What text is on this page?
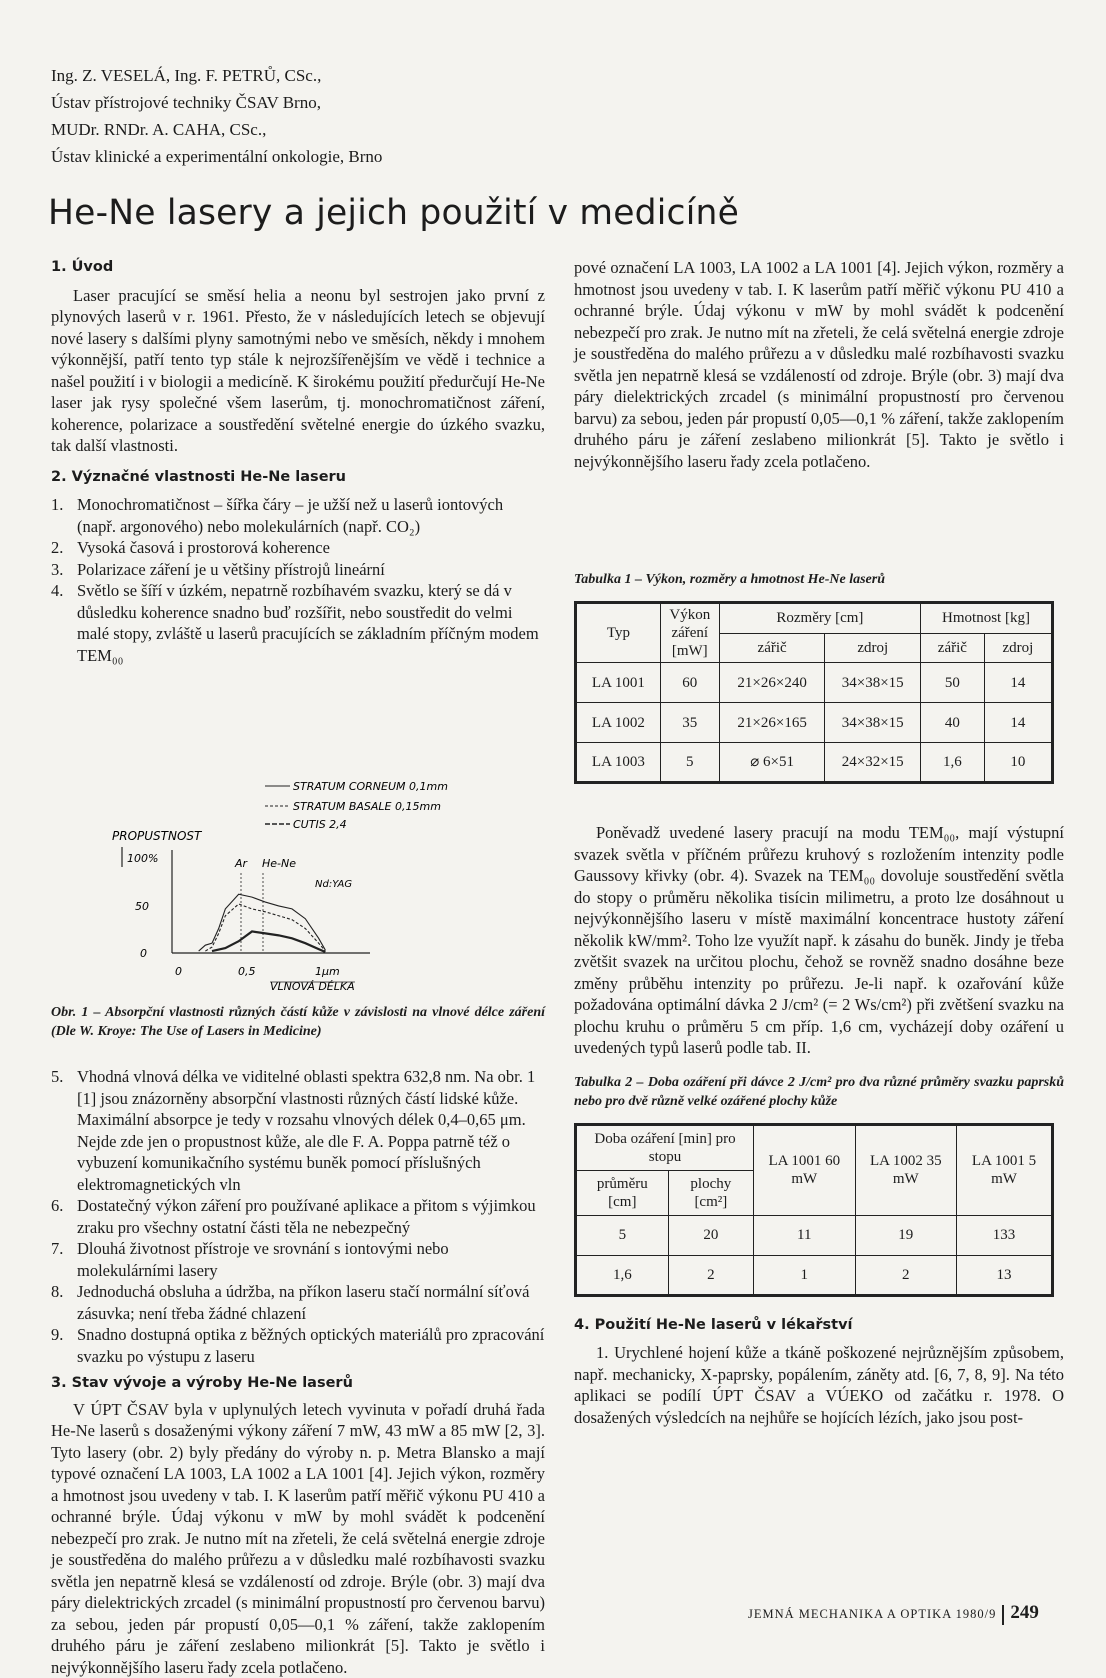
Ing. Z. VESELÁ, Ing. F. PETRŮ, CSc.,
Ústav přístrojové techniky ČSAV Brno,
MUDr. RNDr. A. CAHA, CSc.,
Ústav klinické a experimentální onkologie, Brno
He-Ne lasery a jejich použití v medicíně

1. Úvod

Laser pracující se směsí helia a neonu byl sestrojen jako první z plynových laserů v r. 1961. Přesto, že v následujících letech se objevují nové lasery s dalšími plyny samotnými nebo ve směsích, někdy i mnohem výkonnější, patří tento typ stále k nejrozšířenějším ve vědě i technice a našel použití i v biologii a medicíně. K širokému použití předurčují He-Ne laser jak rysy společné všem laserům, tj. monochromatičnost záření, koherence, polarizace a soustředění světelné energie do úzkého svazku, tak další vlastnosti.

2. Význačné vlastnosti He-Ne laseru

1. Monochromatičnost – šířka čáry – je užší než u laserů iontových (např. argonového) nebo molekulárních (např. CO₂)
2. Vysoká časová i prostorová koherence
3. Polarizace záření je u většiny přístrojů lineární
4. Světlo se šíří v úzkém, nepatrně rozbíhavém svazku, který se dá v důsledku koherence snadno buď rozšířit, nebo soustředit do velmi malé stopy, zvláště u laserů pracujících se základním příčným modem TEM₀₀
STRATUM CORNEUM 0,1mm
STRATUM BASALE 0,15mm
CUTIS 2,4
PROPUSTNOST
100%
50
0
0	0,5	1μm
VLNOVÁ DÉLKA
Ar He-Ne
Nd:YAG
Obr. 1 – Absorpční vlastnosti různých částí kůže v závislosti na vlnové délce záření (Dle W. Kroye: The Use of Lasers in Medicine)
5. Vhodná vlnová délka ve viditelné oblasti spektra 632,8 nm. Na obr. 1 [1] jsou znázorněny absorpční vlastnosti různých částí lidské kůže. Maximální absorpce je tedy v rozsahu vlnových délek 0,4–0,65 μm. Nejde zde jen o propustnost kůže, ale dle F. A. Poppa patrně též o vybuzení komunikačního systému buněk pomocí příslušných elektromagnetických vln
6. Dostatečný výkon záření pro používané aplikace a přitom s výjimkou zraku pro všechny ostatní části těla ne nebezpečný
7. Dlouhá životnost přístroje ve srovnání s iontovými nebo molekulárními lasery
8. Jednoduchá obsluha a údržba, na příkon laseru stačí normální síťová zásuvka; není třeba žádné chlazení
9. Snadno dostupná optika z běžných optických materiálů pro zpracování svazku po výstupu z laseru

3. Stav vývoje a výroby He-Ne laserů

V ÚPT ČSAV byla v uplynulých letech vyvinuta v pořadí druhá řada He-Ne laserů s dosaženými výkony záření 7 mW, 43 mW a 85 mW [2, 3]. Tyto lasery (obr. 2) byly předány do výroby n. p. Metra Blansko a mají typové označení LA 1003, LA 1002 a LA 1001 [4]. Jejich výkon, rozměry a hmotnost jsou uvedeny v tab. I. K laserům patří měřič výkonu PU 410 a ochranné brýle. Údaj výkonu v mW by mohl svádět k podcenění nebezpečí pro zrak. Je nutno mít na zřeteli, že celá světelná energie zdroje je soustředěna do malého průřezu a v důsledku malé rozbíhavosti svazku světla jen nepatrně klesá se vzdáleností od zdroje. Brýle (obr. 3) mají dva páry dielektrických zrcadel (s minimální propustností pro červenou barvu) za sebou, jeden pár propustí 0,05—0,1 % záření, takže zaklopením druhého páru je záření zeslabeno milionkrát [5]. Takto je světlo i nejvýkonnějšího laseru řady zcela potlačeno.

Tabulka 1 – Výkon, rozměry a hmotnost He-Ne laserů
Typ	Výkon záření [mW]	Rozměry [cm]		Hmotnost [kg]	
		zářič	zdroj	zářič	zdroj
LA 1001	60	21×26×240	34×38×15	50	14
LA 1002	35	21×26×165	34×38×15	40	14
LA 1003	5	⌀ 6×51	24×32×15	1,6	10

pové označení LA 1003, LA 1002 a LA 1001 [4]. Jejich výkon, rozměry a hmotnost jsou uvedeny v tab. I. K laserům patří měřič výkonu PU 410 a ochranné brýle. Údaj výkonu v mW by mohl svádět k podcenění nebezpečí pro zrak. Je nutno mít na zřeteli, že celá světelná energie zdroje je soustředěna do malého průřezu a v důsledku malé rozbíhavosti svazku světla jen nepatrně klesá se vzdáleností od zdroje. Brýle (obr. 3) mají dva páry dielektrických zrcadel (s minimální propustností pro červenou barvu) za sebou, jeden pár propustí 0,05—0,1 % záření, takže zaklopením druhého páru je záření zeslabeno milionkrát [5]. Takto je světlo i nejvýkonnějšího laseru řady zcela potlačeno.

Poněvadž uvedené lasery pracují na modu TEM₀₀, mají výstupní svazek světla v příčném průřezu kruhový s rozložením intenzity podle Gaussovy křivky (obr. 4). Svazek na TEM₀₀ dovoluje soustředění světla do stopy o průměru několika tisícin milimetru, a proto lze dosáhnout u nejvýkonnějšího laseru v místě maximální koncentrace hustoty záření několik kW/mm². Toho lze využít např. k zásahu do buněk. Jindy je třeba zvětšit svazek na určitou plochu, čehož se rovněž snadno dosáhne beze změny průběhu intenzity po průřezu. Je-li např. k ozařování kůže požadována optimální dávka 2 J/cm² (= 2 Ws/cm²) při zvětšení svazku na plochu kruhu o průměru 5 cm příp. 1,6 cm, vycházejí doby ozáření u uvedených typů laserů podle tab. II.

Tabulka 2 – Doba ozáření při dávce 2 J/cm² pro dva různé průměry svazku paprsků nebo pro dvě různě velké ozářené plochy kůže
Doba ozáření [min] pro stopu		LA 1001 60 mW	LA 1002 35 mW	LA 1001 5 mW
průměru [cm]	plochy [cm²]			
5	20	11	19	133
1,6	2	1	2	13

4. Použití He-Ne laserů v lékařství

1. Urychlené hojení kůže a tkáně poškozené nejrůznějším způsobem, např. mechanicky, X-paprsky, popálením, záněty atd. [6, 7, 8, 9]. Na této aplikaci se podílí ÚPT ČSAV a VÚEKO od začátku r. 1978. O dosažených výsledcích na nejhůře se hojících lézích, jako jsou post-

JEMNÁ MECHANIKA A OPTIKA 1980/9 249
